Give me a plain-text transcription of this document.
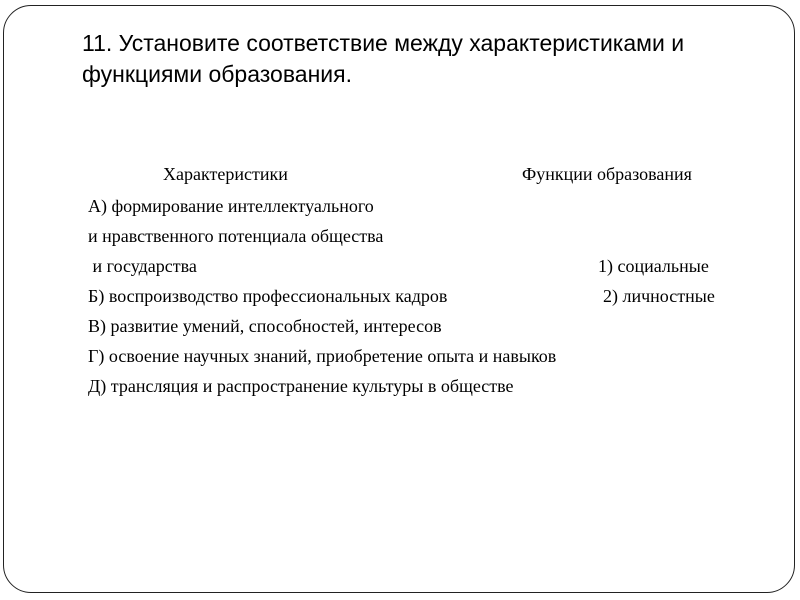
11. Установите соответствие между характеристиками и функциями образования.
Характеристики	Функции образования
А) формирование интеллектуального
и нравственного потенциала общества
и государства
Б) воспроизводство профессиональных кадров
В) развитие умений, способностей, интересов
Г) освоение научных знаний, приобретение опыта и навыков
Д) трансляция и распространение культуры в обществе
1) социальные
2) личностные
